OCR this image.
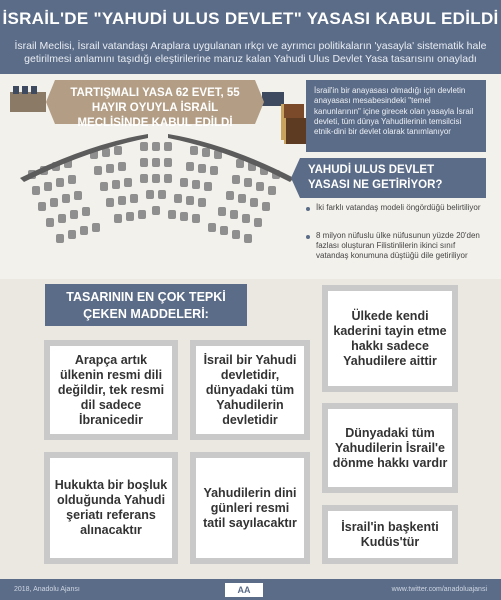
İSRAİL'DE "YAHUDİ ULUS DEVLET" YASASI KABUL EDİLDİ
İsrail Meclisi, İsrail vatandaşı Araplara uygulanan ırkçı ve ayrımcı politikaların 'yasayla' sistematik hale getirilmesi anlamını taşıdığı eleştirilerine maruz kalan Yahudi Ulus Devlet Yasa tasarısını onayladı
TARTIŞMALI YASA 62 EVET, 55 HAYIR OYUYLA İSRAİL MECLİSİNDE KABUL EDİLDİ
İsrail'in bir anayasası olmadığı için devletin anayasası mesabesindeki "temel kanunlarının" içine girecek olan yasayla İsrail devleti, tüm dünya Yahudilerinin temsilcisi etnik-dini bir devlet olarak tanımlanıyor
YAHUDİ ULUS DEVLET YASASI NE GETİRİYOR?
İki farklı vatandaş modeli öngördüğü belirtiliyor
8 milyon nüfuslu ülke nüfusunun yüzde 20'den fazlası oluşturan Filistinlilerin ikinci sınıf vatandaş konumuna düştüğü dile getiriliyor
TASARININ EN ÇOK TEPKİ ÇEKEN MADDELERİ:
Arapça artık ülkenin resmi dili değildir, tek resmi dil sadece İbranicedir
İsrail bir Yahudi devletidir, dünyadaki tüm Yahudilerin devletidir
Ülkede kendi kaderini tayin etme hakkı sadece Yahudilere aittir
Dünyadaki tüm Yahudilerin İsrail'e dönme hakkı vardır
Hukukta bir boşluk olduğunda Yahudi şeriatı referans alınacaktır
Yahudilerin dini günleri resmi tatil sayılacaktır	İsrail'in başkenti Kudüs'tür
2018, Anadolu Ajansı	www.twitter.com/anadoluajansi
AA
